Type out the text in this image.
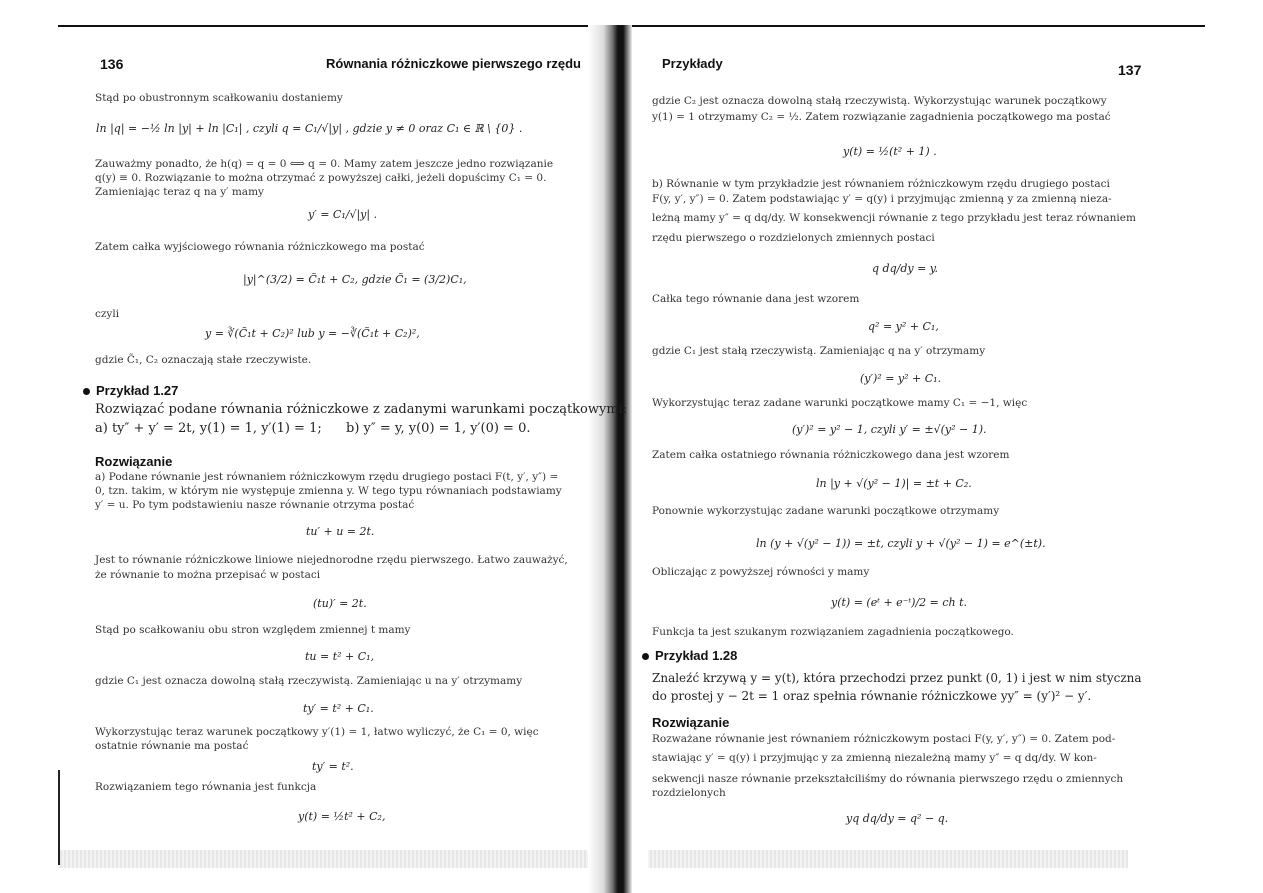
136	Równania różniczkowe pierwszego rzędu
Stąd po obustronnym scałkowaniu dostaniemy
ln |q| = −½ ln |y| + ln |C₁| , czyli q = C₁/√|y| , gdzie y ≠ 0 oraz C₁ ∈ ℝ \ {0} .
Zauważmy ponadto, że h(q) = q = 0 ⟺ q = 0. Mamy zatem jeszcze jedno rozwiązanie
q(y) ≡ 0. Rozwiązanie to można otrzymać z powyższej całki, jeżeli dopuścimy C₁ = 0.
Zamieniając teraz q na y′ mamy
y′ = C₁/√|y| .
Zatem całka wyjściowego równania różniczkowego ma postać
|y|^(3/2) = C̃₁t + C₂, gdzie C̃₁ = (3/2)C₁,
czyli
y = ∛(C̃₁t + C₂)² lub y = −∛(C̃₁t + C₂)²,
gdzie C̃₁, C₂ oznaczają stałe rzeczywiste.
Przykład 1.27
Rozwiązać podane równania różniczkowe z zadanymi warunkami początkowymi:
a) ty″ + y′ = 2t, y(1) = 1, y′(1) = 1; b) y″ = y, y(0) = 1, y′(0) = 0.
Rozwiązanie
a) Podane równanie jest równaniem różniczkowym rzędu drugiego postaci F(t, y′, y″) =
0, tzn. takim, w którym nie występuje zmienna y. W tego typu równaniach podstawiamy
y′ = u. Po tym podstawieniu nasze równanie otrzyma postać
tu′ + u = 2t.
Jest to równanie różniczkowe liniowe niejednorodne rzędu pierwszego. Łatwo zauważyć,
że równanie to można przepisać w postaci
(tu)′ = 2t.
Stąd po scałkowaniu obu stron względem zmiennej t mamy
tu = t² + C₁,
gdzie C₁ jest oznacza dowolną stałą rzeczywistą. Zamieniając u na y′ otrzymamy
ty′ = t² + C₁.
Wykorzystując teraz warunek początkowy y′(1) = 1, łatwo wyliczyć, że C₁ = 0, więc
ostatnie równanie ma postać
ty′ = t².
Rozwiązaniem tego równania jest funkcja
y(t) = ½t² + C₂,
Przykłady	137
gdzie C₂ jest oznacza dowolną stałą rzeczywistą. Wykorzystując warunek początkowy
y(1) = 1 otrzymamy C₂ = ½. Zatem rozwiązanie zagadnienia początkowego ma postać
y(t) = ½(t² + 1) .
b) Równanie w tym przykładzie jest równaniem różniczkowym rzędu drugiego postaci
F(y, y′, y″) = 0. Zatem podstawiając y′ = q(y) i przyjmując zmienną y za zmienną nieza-
leżną mamy y″ = q dq/dy. W konsekwencji równanie z tego przykładu jest teraz równaniem
rzędu pierwszego o rozdzielonych zmiennych postaci
q dq/dy = y.
Całka tego równanie dana jest wzorem
q² = y² + C₁,
gdzie C₁ jest stałą rzeczywistą. Zamieniając q na y′ otrzymamy
(y′)² = y² + C₁.
Wykorzystując teraz zadane warunki początkowe mamy C₁ = −1, więc
(y′)² = y² − 1, czyli y′ = ±√(y² − 1).
Zatem całka ostatniego równania różniczkowego dana jest wzorem
ln |y + √(y² − 1)| = ±t + C₂.
Ponownie wykorzystując zadane warunki początkowe otrzymamy
ln (y + √(y² − 1)) = ±t, czyli y + √(y² − 1) = e^(±t).
Obliczając z powyższej równości y mamy
y(t) = (eᵗ + e⁻ᵗ)/2 = ch t.
Funkcja ta jest szukanym rozwiązaniem zagadnienia początkowego.
Przykład 1.28
Znaleźć krzywą y = y(t), która przechodzi przez punkt (0, 1) i jest w nim styczna
do prostej y − 2t = 1 oraz spełnia równanie różniczkowe yy″ = (y′)² − y′.
Rozwiązanie
Rozważane równanie jest równaniem różniczkowym postaci F(y, y′, y″) = 0. Zatem pod-
stawiając y′ = q(y) i przyjmując y za zmienną niezależną mamy y″ = q dq/dy. W kon-
sekwencji nasze równanie przekształciliśmy do równania pierwszego rzędu o zmiennych
rozdzielonych
yq dq/dy = q² − q.
